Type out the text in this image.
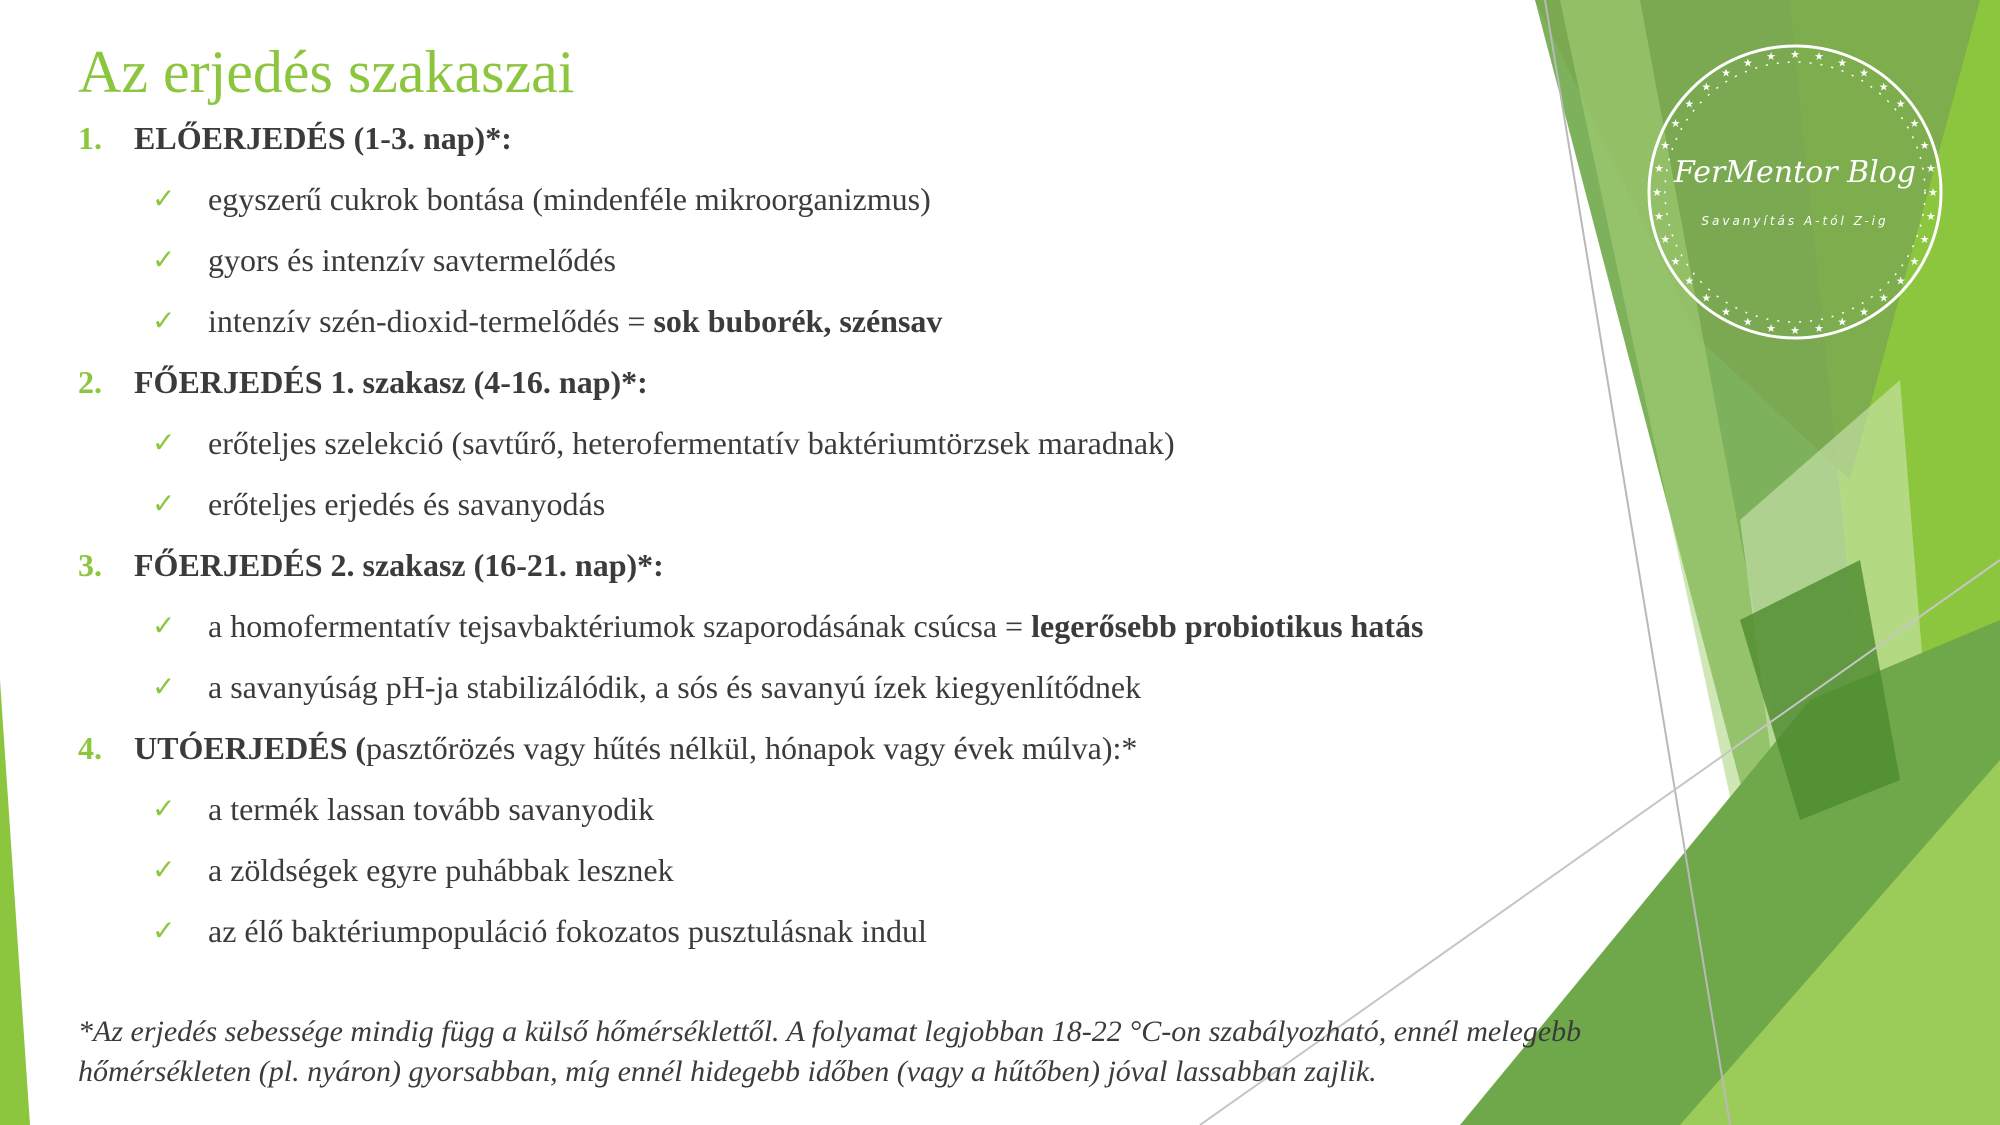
Az erjedés szakaszai
1.	ELŐERJEDÉS (1-3. nap)*:
✓ egyszerű cukrok bontása (mindenféle mikroorganizmus)
✓ gyors és intenzív savtermelődés
✓ intenzív szén-dioxid-termelődés = sok buborék, szénsav
2.	FŐERJEDÉS 1. szakasz (4-16. nap)*:
✓ erőteljes szelekció (savtűrő, heterofermentatív baktériumtörzsek maradnak)
✓ erőteljes erjedés és savanyodás
3.	FŐERJEDÉS 2. szakasz (16-21. nap)*:
✓ a homofermentatív tejsavbaktériumok szaporodásának csúcsa = legerősebb probiotikus hatás
✓ a savanyúság pH-ja stabilizálódik, a sós és savanyú ízek kiegyenlítődnek
4.	UTÓERJEDÉS (pasztőrözés vagy hűtés nélkül, hónapok vagy évek múlva):*
✓ a termék lassan tovább savanyodik
✓ a zöldségek egyre puhábbak lesznek
✓ az élő baktériumpopuláció fokozatos pusztulásnak indul
*Az erjedés sebessége mindig függ a külső hőmérséklettől. A folyamat legjobban 18-22 °C-on szabályozható, ennél melegebb
hőmérsékleten (pl. nyáron) gyorsabban, míg ennél hidegebb időben (vagy a hűtőben) jóval lassabban zajlik.
★
★
★
★
★
★
★
★
★
★
★
★
★
★
★
★
★
★
★
★
★
★
★
★
★
★ ★ ★ ★ ★
★
★
★
★
★
★
FerMentor Blog
Savanyítás A-tól Z-ig
